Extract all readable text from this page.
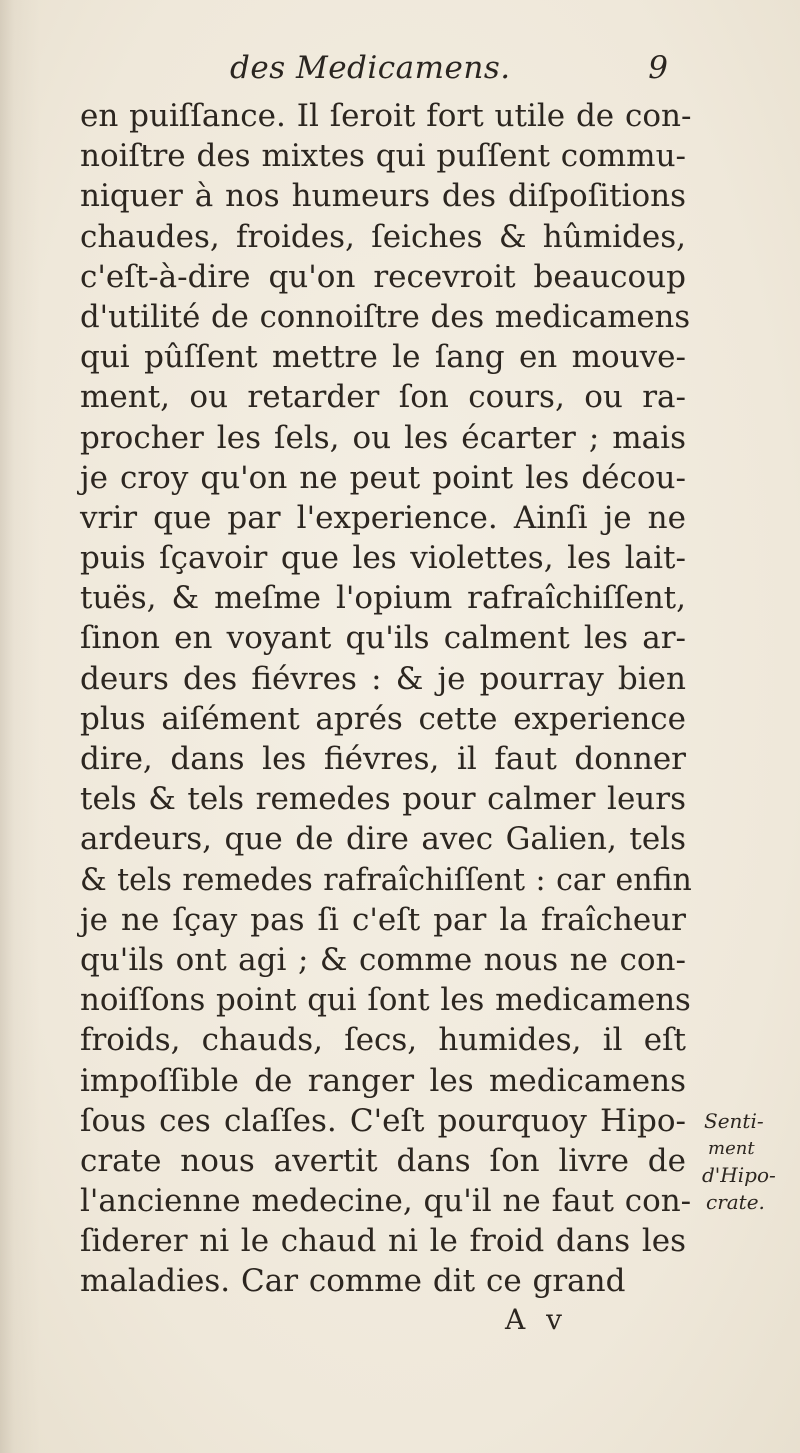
des Medicamens.	9
en puiſſance. Il ſeroit fort utile de con-
noiſtre des mixtes qui puſſent commu-
niquer à nos humeurs des diſpoſitions
chaudes, froides, ſeiches & hûmides,
c'eſt-à-dire qu'on recevroit beaucoup
d'utilité de connoiſtre des medicamens
qui pûſſent mettre le ſang en mouve-
ment, ou retarder ſon cours, ou ra-
procher les ſels, ou les écarter ; mais
je croy qu'on ne peut point les décou-
vrir que par l'experience. Ainſi je ne
puis ſçavoir que les violettes, les lait-
tuës, & meſme l'opium rafraîchiſſent,
ſinon en voyant qu'ils calment les ar-
deurs des fiévres : & je pourray bien
plus aiſément aprés cette experience
dire, dans les fiévres, il faut donner
tels & tels remedes pour calmer leurs
ardeurs, que de dire avec Galien, tels
& tels remedes rafraîchiſſent : car enfin
je ne ſçay pas ſi c'eſt par la fraîcheur
qu'ils ont agi ; & comme nous ne con-
noiſſons point qui ſont les medicamens
froids, chauds, ſecs, humides, il eſt
impoſſible de ranger les medicamens
ſous ces claſſes. C'eſt pourquoy Hipo-
crate nous avertit dans ſon livre de
l'ancienne medecine, qu'il ne faut con-
ſiderer ni le chaud ni le froid dans les
maladies. Car comme dit ce grand
Senti-
ment
d'Hipo-
crate.
A v
